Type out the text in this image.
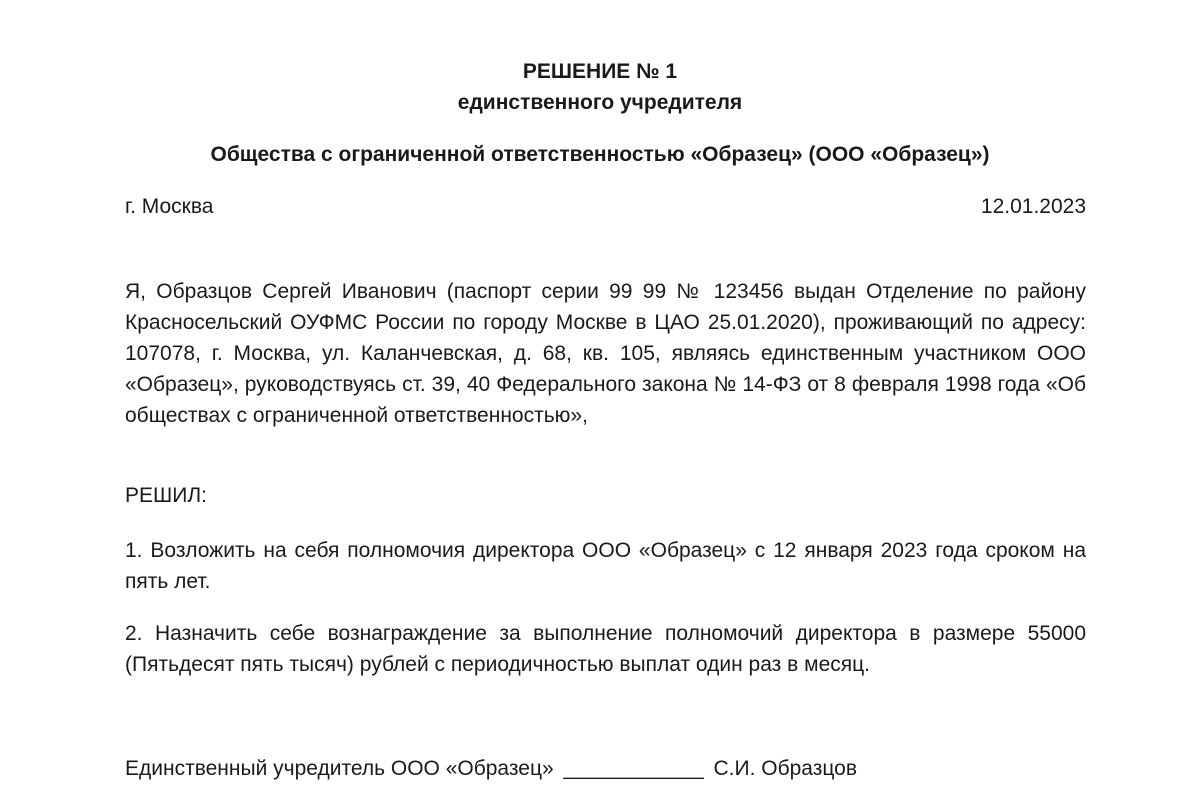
РЕШЕНИЕ № 1
единственного учредителя
Общества с ограниченной ответственностью «Образец» (ООО «Образец»)
г. Москва	12.01.2023

Я, Образцов Сергей Иванович (паспорт серии 99 99 № 123456 выдан Отделение по району Красносельский ОУФМС России по городу Москве в ЦАО 25.01.2020), проживающий по адресу: 107078, г. Москва, ул. Каланчевская, д. 68, кв. 105, являясь единственным участником ООО «Образец», руководствуясь ст. 39, 40 Федерального закона № 14-ФЗ от 8 февраля 1998 года «Об обществах с ограниченной ответственностью»,

РЕШИЛ:

1. Возложить на себя полномочия директора ООО «Образец» с 12 января 2023 года сроком на пять лет.

2. Назначить себе вознаграждение за выполнение полномочий директора в размере 55000 (Пятьдесят пять тысяч) рублей с периодичностью выплат один раз в месяц.

Единственный учредитель ООО «Образец» ____________ С.И. Образцов
